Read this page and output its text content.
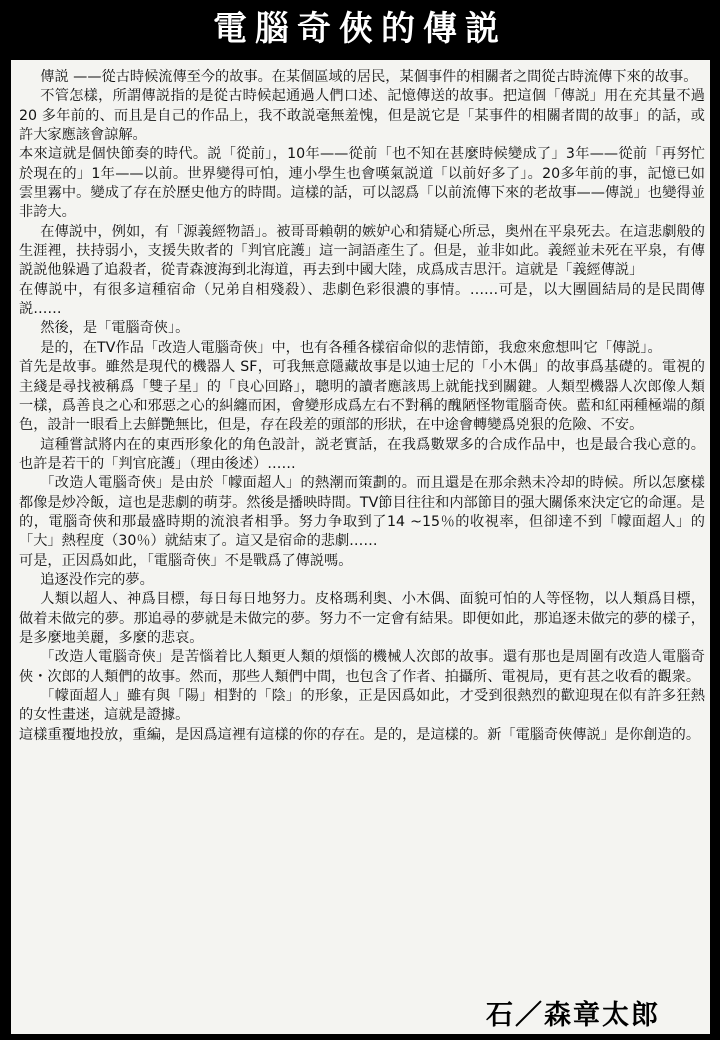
電腦奇俠的傳説

傳説 ——從古時候流傳至今的故事。在某個區域的居民，某個事件的相關者之間從古時流傳下來的故事。

不管怎樣，所謂傳説指的是從古時候起通過人們口述、記憶傳送的故事。把這個「傳説」用在充其量不過 20 多年前的、而且是自己的作品上，我不敢説毫無羞愧，但是説它是「某事件的相關者間的故事」的話，或許大家應該會諒解。

本來這就是個快節奏的時代。説「從前」，10年——從前「也不知在甚麼時候變成了」3年——從前「再努忙於現在的」1年——以前。世界變得可怕，連小學生也會嘆氣説道「以前好多了」。20多年前的事，記憶已如雲里霧中。變成了存在於歷史他方的時間。這樣的話，可以認爲「以前流傳下來的老故事——傳説」也變得並非誇大。

在傳説中，例如，有「源義經物語」。被哥哥賴朝的嫉妒心和猜疑心所忌，奥州在平泉死去。在這悲劇般的生涯裡，扶持弱小，支援失敗者的「判官庇護」這一詞語產生了。但是，並非如此。義經並未死在平泉，有傳説説他躲過了追殺者，從青森渡海到北海道，再去到中國大陸，成爲成吉思汗。這就是「義經傳説」

在傳説中，有很多這種宿命（兄弟自相殘殺）、悲劇色彩很濃的事情。……可是，以大團圓結局的是民間傳説……

然後，是「電腦奇俠」。

是的，在TV作品「改造人電腦奇俠」中，也有各種各樣宿命似的悲情節，我愈來愈想叫它「傳説」。

首先是故事。雖然是現代的機器人 SF，可我無意隱藏故事是以迪士尼的「小木偶」的故事爲基礎的。電視的主綫是尋找被稱爲「雙子星」的「良心回路」，聰明的讀者應該馬上就能找到關鍵。人類型機器人次郎像人類一樣，爲善良之心和邪惡之心的糾纏而困，會變形成爲左右不對稱的醜陋怪物電腦奇俠。藍和紅兩種極端的顏色，設計一眼看上去鮮艷無比，但是，存在段差的頭部的形狀，在中途會轉變爲兇狠的危險、不安。

這種嘗試將内在的東西形象化的角色設計，説老實話，在我爲數眾多的合成作品中，也是最合我心意的。也許是若干的「判官庇護」（理由後述）……

「改造人電腦奇俠」是由於「幪面超人」的熱潮而策劃的。而且還是在那余熱未冷却的時候。所以怎麼樣都像是炒冷飯，這也是悲劇的萌芽。然後是播映時間。TV節目往往和内部節目的强大關係來決定它的命運。是的，電腦奇俠和那最盛時期的流浪者相爭。努力争取到了14 ~15％的收視率，但卻達不到「幪面超人」的「大」熱程度（30％）就結束了。這又是宿命的悲劇……

可是，正因爲如此，「電腦奇俠」不是戰爲了傳説嗎。

追逐没作完的夢。

人類以超人、神爲目標，每日每日地努力。皮格瑪利奥、小木偶、面貌可怕的人等怪物，以人類爲目標，做着未做完的夢。那追尋的夢就是未做完的夢。努力不一定會有結果。即便如此，那追逐未做完的夢的樣子，是多麼地美麗，多麼的悲哀。

「改造人電腦奇俠」是苦惱着比人類更人類的煩惱的機械人次郎的故事。還有那也是周圍有改造人電腦奇俠・次郎的人類們的故事。然而，那些人類們中間，也包含了作者、拍攝所、電視局，更有甚之收看的觀衆。

「幪面超人」雖有與「陽」相對的「陰」的形象，正是因爲如此，才受到很熱烈的歡迎現在似有許多狂熱的女性畫迷，這就是證據。

這樣重覆地投放，重編，是因爲這裡有這樣的你的存在。是的，是這樣的。新「電腦奇俠傳説」是你創造的。

石／森章太郎
